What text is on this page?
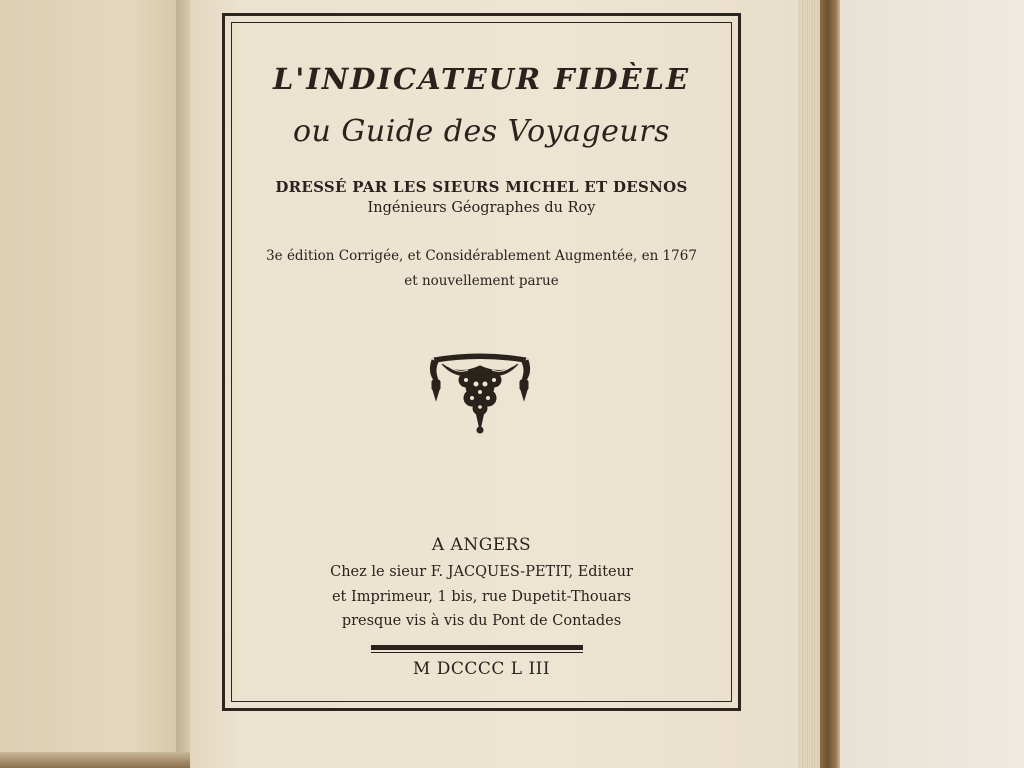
L'INDICATEUR FIDÈLE
ou Guide des Voyageurs
DRESSÉ PAR LES SIEURS MICHEL ET DESNOS
Ingénieurs Géographes du Roy
3e édition Corrigée, et Considérablement Augmentée, en 1767
et nouvellement parue
A ANGERS
Chez le sieur F. JACQUES-PETIT, Editeur
et Imprimeur, 1 bis, rue Dupetit-Thouars
presque vis à vis du Pont de Contades
M DCCCC L III
